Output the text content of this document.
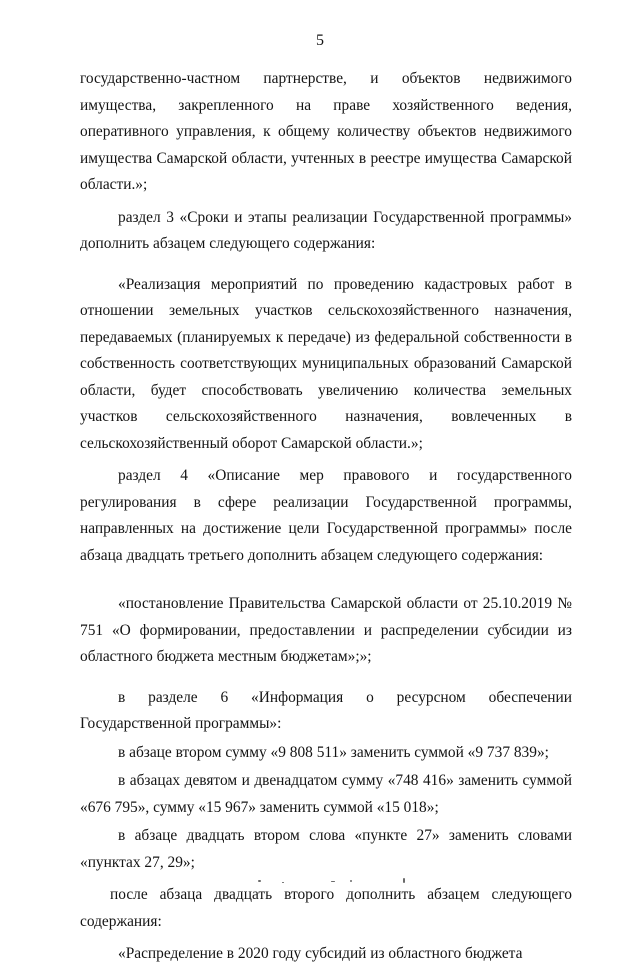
5

государственно-частном партнерстве, и объектов недвижимого имущества, закрепленного на праве хозяйственного ведения, оперативного управления, к общему количеству объектов недвижимого имущества Самарской области, учтенных в реестре имущества Самарской области.»;

раздел 3 «Сроки и этапы реализации Государственной программы» дополнить абзацем следующего содержания:

«Реализация мероприятий по проведению кадастровых работ в отношении земельных участков сельскохозяйственного назначения, передаваемых (планируемых к передаче) из федеральной собственности в собственность соответствующих муниципальных образований Самарской области, будет способствовать увеличению количества земельных участков сельскохозяйственного назначения, вовлеченных в сельскохозяйственный оборот Самарской области.»;

раздел 4 «Описание мер правового и государственного регулирования в сфере реализации Государственной программы, направленных на достижение цели Государственной программы» после абзаца двадцать третьего дополнить абзацем следующего содержания:

«постановление Правительства Самарской области от 25.10.2019 № 751 «О формировании, предоставлении и распределении субсидии из областного бюджета местным бюджетам»;»;

в разделе 6 «Информация о ресурсном обеспечении Государственной программы»:

в абзаце втором сумму «9 808 511» заменить суммой «9 737 839»;

в абзацах девятом и двенадцатом сумму «748 416» заменить суммой «676 795», сумму «15 967» заменить суммой «15 018»;

в абзаце двадцать втором слова «пункте 27» заменить словами «пунктах 27, 29»;

после абзаца двадцать второго дополнить абзацем следующего содержания:

«Распределение в 2020 году субсидий из областного бюджета
